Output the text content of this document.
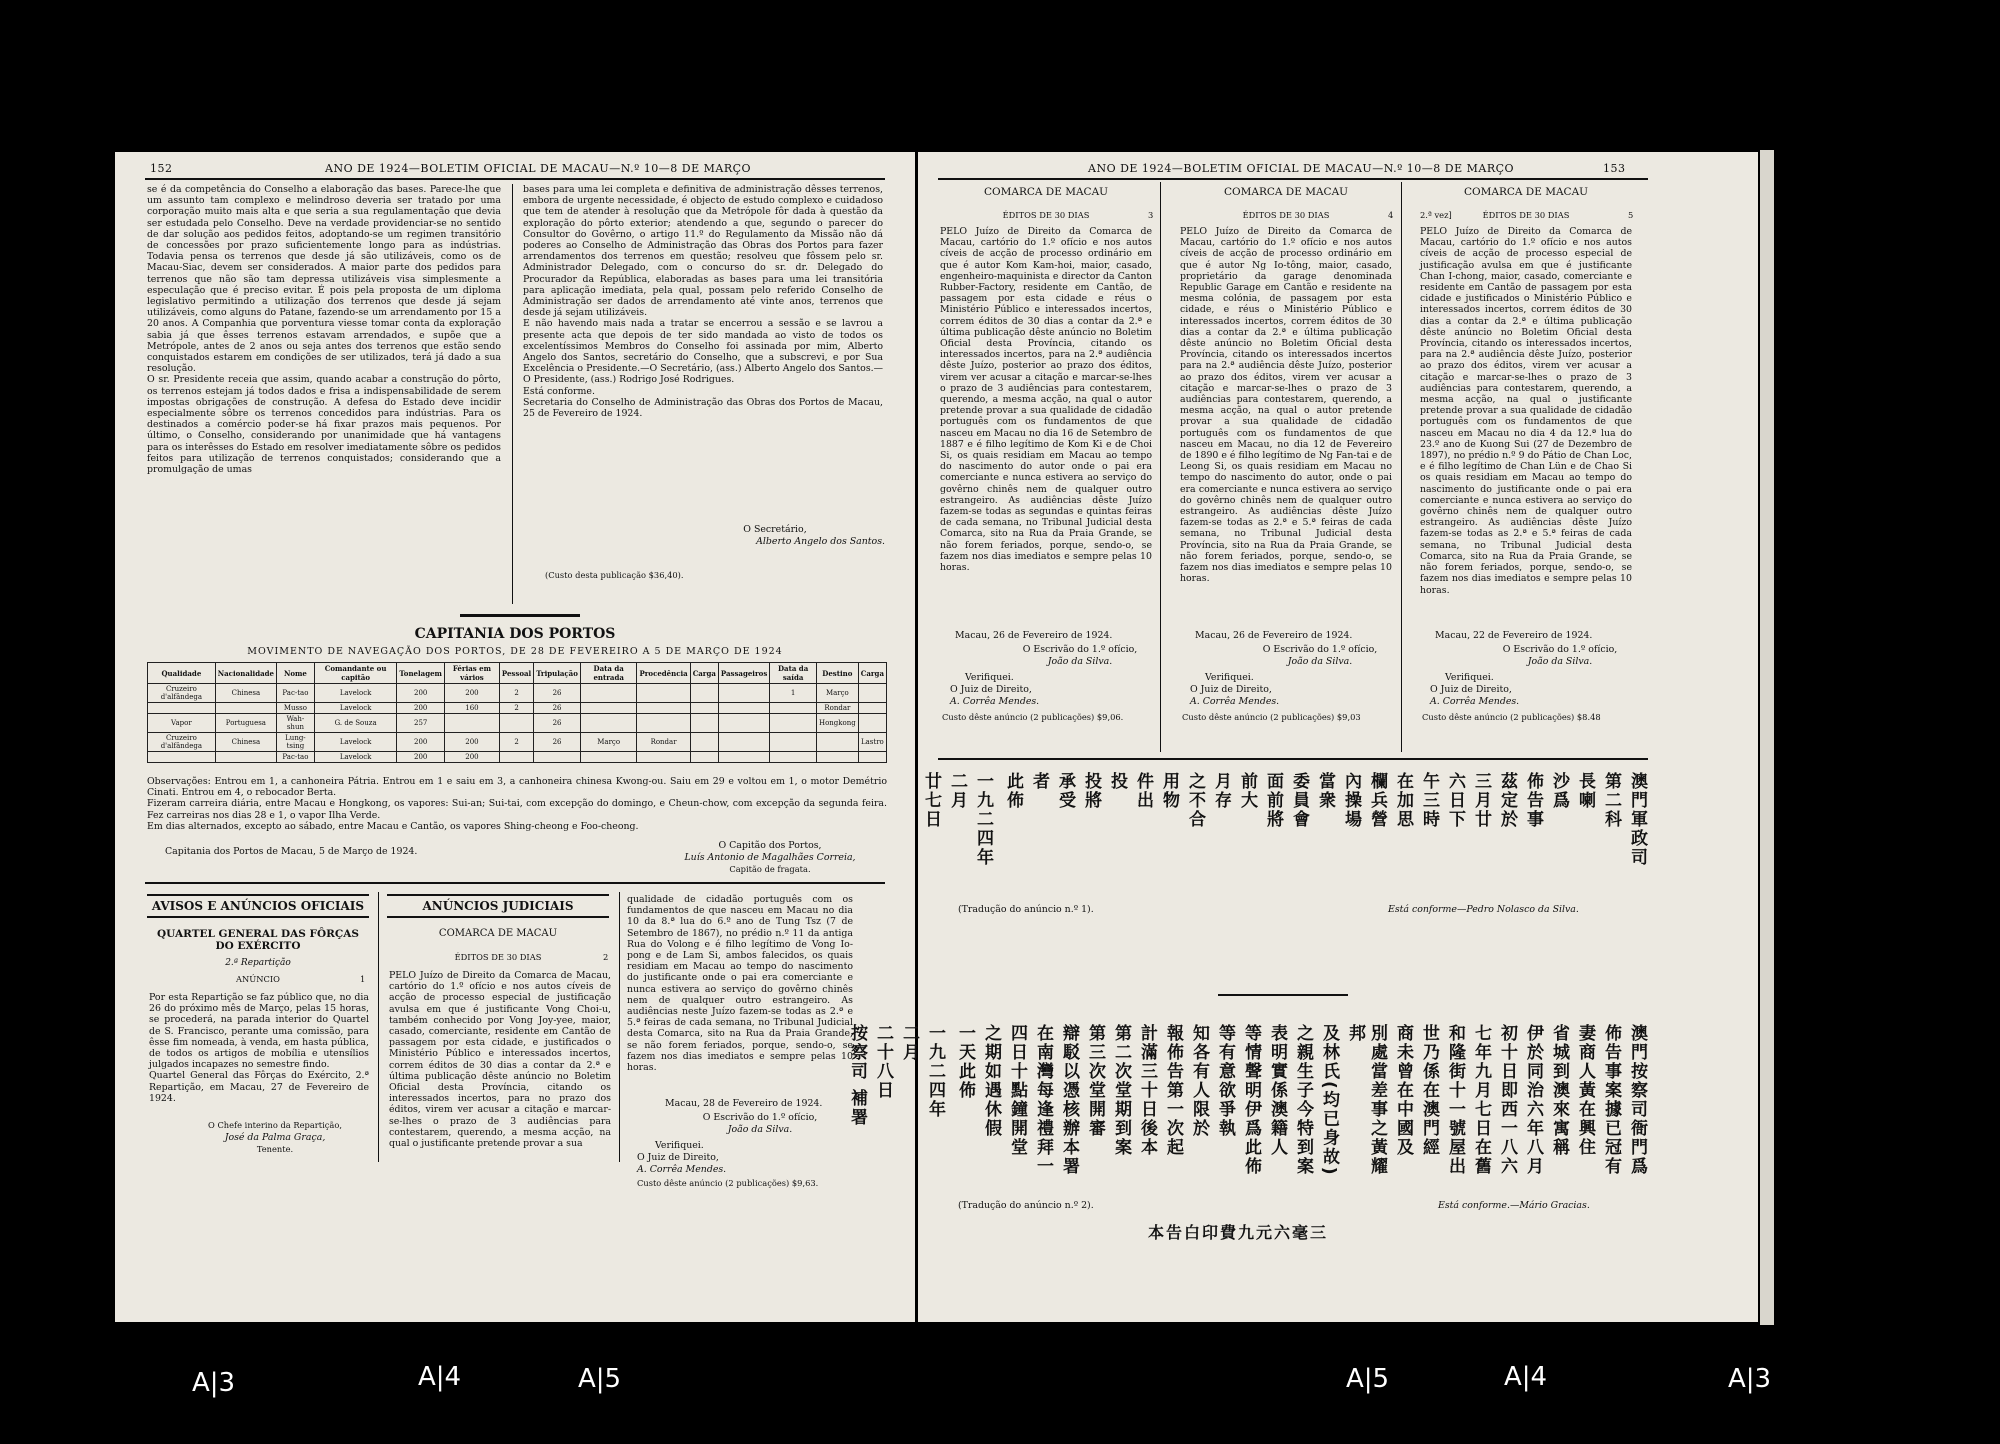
152	ANO DE 1924—BOLETIM OFICIAL DE MACAU—N.º 10—8 DE MARÇO
se é da competência do Conselho a elaboração das bases. Parece-lhe que um assunto tam complexo e melindroso deveria ser tratado por uma corporação muito mais alta e que seria a sua regulamentação que devia ser estudada pelo Conselho. Deve na verdade providenciar-se no sentido de dar solução aos pedidos feitos, adoptando-se um regimen transitório de concessões por prazo suficientemente longo para as indústrias. Todavia pensa os terrenos que desde já são utilizáveis, como os de Macau-Siac, devem ser considerados. A maior parte dos pedidos para terrenos que não são tam depressa utilizáveis visa simplesmente a especulação que é preciso evitar. É pois pela proposta de um diploma legislativo permitindo a utilização dos terrenos que desde já sejam utilizáveis, como alguns do Patane, fazendo-se um arrendamento por 15 a 20 anos. A Companhia que porventura viesse tomar conta da exploração sabia já que êsses terrenos estavam arrendados, e supõe que a Metrópole, antes de 2 anos ou seja antes dos terrenos que estão sendo conquistados estarem em condições de ser utilizados, terá já dado a sua resolução.
O sr. Presidente receia que assim, quando acabar a construção do pôrto, os terrenos estejam já todos dados e frisa a indispensabilidade de serem impostas obrigações de construção. A defesa do Estado deve incidir especialmente sôbre os terrenos concedidos para indústrias. Para os destinados a comércio poder-se há fixar prazos mais pequenos. Por último, o Conselho, considerando por unanimidade que há vantagens para os interêsses do Estado em resolver imediatamente sôbre os pedidos feitos para utilização de terrenos conquistados; considerando que a promulgação de umas
bases para uma lei completa e definitiva de administração dêsses terrenos, embora de urgente necessidade, é objecto de estudo complexo e cuidadoso que tem de atender à resolução que da Metrópole fôr dada à questão da exploração do pôrto exterior; atendendo a que, segundo o parecer do Consultor do Govêrno, o artigo 11.º do Regulamento da Missão não dá poderes ao Conselho de Administração das Obras dos Portos para fazer arrendamentos dos terrenos em questão; resolveu que fôssem pelo sr. Administrador Delegado, com o concurso do sr. dr. Delegado do Procurador da República, elaboradas as bases para uma lei transitória para aplicação imediata, pela qual, possam pelo referido Conselho de Administração ser dados de arrendamento até vinte anos, terrenos que desde já sejam utilizáveis.
E não havendo mais nada a tratar se encerrou a sessão e se lavrou a presente acta que depois de ter sido mandada ao visto de todos os excelentíssimos Membros do Conselho foi assinada por mim, Alberto Angelo dos Santos, secretário do Conselho, que a subscrevi, e por Sua Excelência o Presidente.—O Secretário, (ass.) Alberto Angelo dos Santos.—O Presidente, (ass.) Rodrigo José Rodrigues.
Está conforme.
Secretaria do Conselho de Administração das Obras dos Portos de Macau, 25 de Fevereiro de 1924.
O Secretário,
Alberto Angelo dos Santos.
(Custo desta publicação $36,40).
CAPITANIA DOS PORTOS
MOVIMENTO DE NAVEGAÇÃO DOS PORTOS, DE 28 DE FEVEREIRO A 5 DE MARÇO DE 1924
Qualidade	Nacionalidade	Nome	Comandante ou capitão	Tonelagem	Férias em vários	Pessoal	Tripulação	Data da entrada	Procedência	Carga	Passageiros	Data da saída	Destino	Carga
Cruzeiro d'alfândega	Chinesa	Pac-tao	Lavelock	200	200	2	26					1	Março	
		Musso	Lavelock	200	160	2	26						Rondar	
Vapor	Portuguesa	Wah-shun	G. de Souza	257			26						Hongkong	
Cruzeiro d'alfândega	Chinesa	Lung-tsing	Lavelock	200	200	2	26	Março	Rondar					Lastro
		Pac-tao	Lavelock	200	200									
Observações: Entrou em 1, a canhoneira Pátria. Entrou em 1 e saiu em 3, a canhoneira chinesa Kwong-ou. Saiu em 29 e voltou em 1, o motor Demétrio Cinati. Entrou em 4, o rebocador Berta.
Fizeram carreira diária, entre Macau e Hongkong, os vapores: Sui-an; Sui-tai, com excepção do domingo, e Cheun-chow, com excepção da segunda feira. Fez carreiras nos dias 28 e 1, o vapor Ilha Verde.
Em dias alternados, excepto ao sábado, entre Macau e Cantão, os vapores Shing-cheong e Foo-cheong.
Capitania dos Portos de Macau, 5 de Março de 1924.
O Capitão dos Portos,
Luís Antonio de Magalhães Correia,
Capitão de fragata.
AVISOS E ANÚNCIOS OFICIAIS
QUARTEL GENERAL DAS FÔRÇAS DO EXÉRCITO
2.ª Repartição
ANÚNCIO	1
Por esta Repartição se faz público que, no dia 26 do próximo mês de Março, pelas 15 horas, se procederá, na parada interior do Quartel de S. Francisco, perante uma comissão, para êsse fim nomeada, à venda, em hasta pública, de todos os artigos de mobília e utensílios julgados incapazes no semestre findo.
Quartel General das Fôrças do Exército, 2.ª Repartição, em Macau, 27 de Fevereiro de 1924.
O Chefe interino da Repartição,
José da Palma Graça,
Tenente.
ANÚNCIOS JUDICIAIS
COMARCA DE MACAU
ÉDITOS DE 30 DIAS	2
PELO Juízo de Direito da Comarca de Macau, cartório do 1.º ofício e nos autos cíveis de acção de processo especial de justificação avulsa em que é justificante Vong Choi-u, também conhecido por Vong Joy-yee, maior, casado, comerciante, residente em Cantão de passagem por esta cidade, e justificados o Ministério Público e interessados incertos, correm éditos de 30 dias a contar da 2.ª e última publicação dêste anúncio no Boletim Oficial desta Província, citando os interessados incertos, para no prazo dos éditos, virem ver acusar a citação e marcar-se-lhes o prazo de 3 audiências para contestarem, querendo, a mesma acção, na qual o justificante pretende provar a sua
qualidade de cidadão português com os fundamentos de que nasceu em Macau no dia 10 da 8.ª lua do 6.º ano de Tung Tsz (7 de Setembro de 1867), no prédio n.º 11 da antiga Rua do Volong e é filho legítimo de Vong Io-pong e de Lam Si, ambos falecidos, os quais residiam em Macau ao tempo do nascimento do justificante onde o pai era comerciante e nunca estivera ao serviço do govêrno chinês nem de qualquer outro estrangeiro. As audiências neste Juízo fazem-se todas as 2.ª e 5.ª feiras de cada semana, no Tribunal Judicial desta Comarca, sito na Rua da Praia Grande, se não forem feriados, porque, sendo-o, se fazem nos dias imediatos e sempre pelas 10 horas.
Macau, 28 de Fevereiro de 1924.
O Escrivão do 1.º ofício,
João da Silva.
Verifiquei.
O Juiz de Direito,
A. Corrêa Mendes.
Custo dêste anúncio (2 publicações) $9,63.
ANO DE 1924—BOLETIM OFICIAL DE MACAU—N.º 10—8 DE MARÇO	153
COMARCA DE MACAU
ÉDITOS DE 30 DIAS	3
PELO Juízo de Direito da Comarca de Macau, cartório do 1.º ofício e nos autos cíveis de acção de processo ordinário em que é autor Kom Kam-hoi, maior, casado, engenheiro-maquinista e director da Canton Rubber-Factory, residente em Cantão, de passagem por esta cidade e réus o Ministério Público e interessados incertos, correm éditos de 30 dias a contar da 2.ª e última publicação dêste anúncio no Boletim Oficial desta Província, citando os interessados incertos, para na 2.ª audiência dêste Juízo, posterior ao prazo dos éditos, virem ver acusar a citação e marcar-se-lhes o prazo de 3 audiências para contestarem, querendo, a mesma acção, na qual o autor pretende provar a sua qualidade de cidadão português com os fundamentos de que nasceu em Macau no dia 16 de Setembro de 1887 e é filho legítimo de Kom Ki e de Choi Si, os quais residiam em Macau ao tempo do nascimento do autor onde o pai era comerciante e nunca estivera ao serviço do govêrno chinês nem de qualquer outro estrangeiro. As audiências dêste Juízo fazem-se todas as segundas e quintas feiras de cada semana, no Tribunal Judicial desta Comarca, sito na Rua da Praia Grande, se não forem feriados, porque, sendo-o, se fazem nos dias imediatos e sempre pelas 10 horas.
Macau, 26 de Fevereiro de 1924.
O Escrivão do 1.º ofício,
João da Silva.
Verifiquei.
O Juiz de Direito,
A. Corrêa Mendes.
Custo dêste anúncio (2 publicações) $9,06.
COMARCA DE MACAU
ÉDITOS DE 30 DIAS	4
PELO Juízo de Direito da Comarca de Macau, cartório do 1.º ofício e nos autos cíveis de acção de processo ordinário em que é autor Ng Io-tông, maior, casado, proprietário da garage denominada Republic Garage em Cantão e residente na mesma colónia, de passagem por esta cidade, e réus o Ministério Público e interessados incertos, correm éditos de 30 dias a contar da 2.ª e última publicação dêste anúncio no Boletim Oficial desta Província, citando os interessados incertos para na 2.ª audiência dêste Juízo, posterior ao prazo dos éditos, virem ver acusar a citação e marcar-se-lhes o prazo de 3 audiências para contestarem, querendo, a mesma acção, na qual o autor pretende provar a sua qualidade de cidadão português com os fundamentos de que nasceu em Macau, no dia 12 de Fevereiro de 1890 e é filho legítimo de Ng Fan-tai e de Leong Si, os quais residiam em Macau no tempo do nascimento do autor, onde o pai era comerciante e nunca estivera ao serviço do govêrno chinês nem de qualquer outro estrangeiro. As audiências dêste Juízo fazem-se todas as 2.ª e 5.ª feiras de cada semana, no Tribunal Judicial desta Província, sito na Rua da Praia Grande, se não forem feriados, porque, sendo-o, se fazem nos dias imediatos e sempre pelas 10 horas.
Macau, 26 de Fevereiro de 1924.
O Escrivão do 1.º ofício,
João da Silva.
Verifiquei.
O Juiz de Direito,
A. Corrêa Mendes.
Custo dêste anúncio (2 publicações) $9,03
COMARCA DE MACAU
2.ª vez]	ÉDITOS DE 30 DIAS	5
PELO Juízo de Direito da Comarca de Macau, cartório do 1.º ofício e nos autos cíveis de acção de processo especial de justificação avulsa em que é justificante Chan I-chong, maior, casado, comerciante e residente em Cantão de passagem por esta cidade e justificados o Ministério Público e interessados incertos, correm éditos de 30 dias a contar da 2.ª e última publicação dêste anúncio no Boletim Oficial desta Província, citando os interessados incertos, para na 2.ª audiência dêste Juízo, posterior ao prazo dos éditos, virem ver acusar a citação e marcar-se-lhes o prazo de 3 audiências para contestarem, querendo, a mesma acção, na qual o justificante pretende provar a sua qualidade de cidadão português com os fundamentos de que nasceu em Macau no dia 4 da 12.ª lua do 23.º ano de Kuong Sui (27 de Dezembro de 1897), no prédio n.º 9 do Pátio de Chan Loc, e é filho legítimo de Chan Lün e de Chao Si os quais residiam em Macau ao tempo do nascimento do justificante onde o pai era comerciante e nunca estivera ao serviço do govêrno chinês nem de qualquer outro estrangeiro. As audiências dêste Juízo fazem-se todas as 2.ª e 5.ª feiras de cada semana, no Tribunal Judicial desta Comarca, sito na Rua da Praia Grande, se não forem feriados, porque, sendo-o, se fazem nos dias imediatos e sempre pelas 10 horas.
Macau, 22 de Fevereiro de 1924.
O Escrivão do 1.º ofício,
João da Silva.
Verifiquei.
O Juiz de Direito,
A. Corrêa Mendes.
Custo dêste anúncio (2 publicações) $8.48
澳門軍政司
第二科
長喇
沙爲
佈告事
茲定於
三月廿
六日下
午三時
在加思
欄兵營
內操場
當衆
委員會
面前將
前大
月存
之不合
用物
件出
投
投將
承受
者
此佈
一九二四年
二月
廿七日
(Tradução do anúncio n.º 1).	Está conforme—Pedro Nolasco da Silva.
澳門按察司衙門爲
佈告事案據已冠有
妻商人黃在興住
省城到澳來寓稱
伊於同治六年八月
初十日即西一八六
七年九月七日在舊
和隆街十一號屋出
世乃係在澳門經
商未曾在中國及
別處當差事之黃耀邦
及林氏(均已身故)
之親生子今特到案
表明實係澳籍人
等情聲明伊爲此佈
等有意欲爭執
知各有人限於
報佈告第一次起
計滿三十日後本
第二次堂期到案
第三次堂開審
辯駁以憑核辦本署
在南灣每逢禮拜一
四日十點鐘開堂
之期如遇休假
一天此佈
一九二四年
二月
二十八日
按察司 補署
(Tradução do anúncio n.º 2).	Está conforme.—Mário Gracias.
本告白印費九元六毫三
A|3	A|4	A|5	A|5	A|4	A|3
